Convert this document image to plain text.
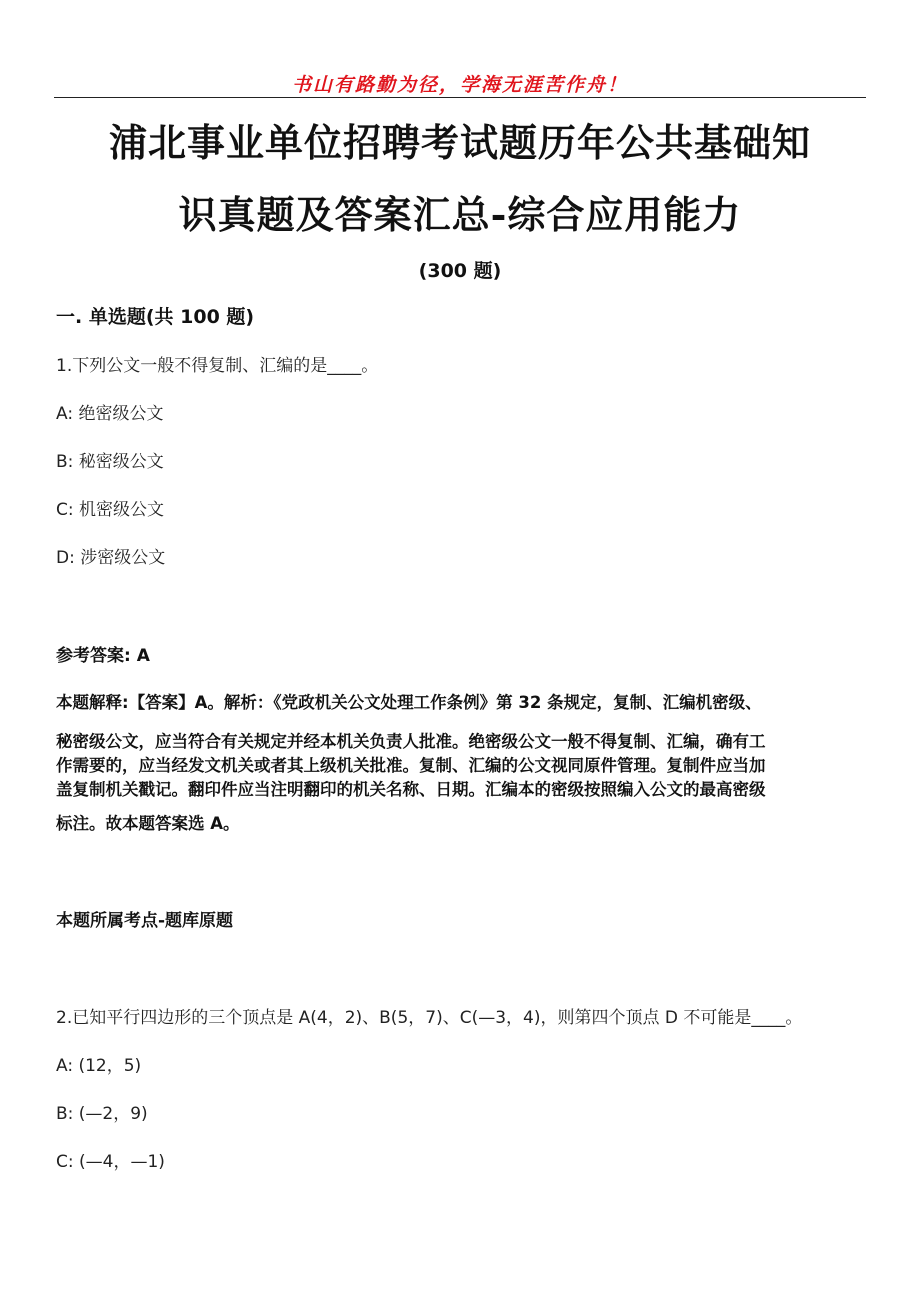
书山有路勤为径，学海无涯苦作舟！
浦北事业单位招聘考试题历年公共基础知
识真题及答案汇总-综合应用能力
(300 题)
一. 单选题(共 100 题)
1.下列公文一般不得复制、汇编的是____。
A: 绝密级公文
B: 秘密级公文
C: 机密级公文
D: 涉密级公文
参考答案: A
本题解释:【答案】A。解析：《党政机关公文处理工作条例》第 32 条规定，复制、汇编机密级、
秘密级公文，应当符合有关规定并经本机关负责人批准。绝密级公文一般不得复制、汇编，确有工
作需要的，应当经发文机关或者其上级机关批准。复制、汇编的公文视同原件管理。复制件应当加
盖复制机关戳记。翻印件应当注明翻印的机关名称、日期。汇编本的密级按照编入公文的最高密级
标注。故本题答案选 A。
本题所属考点-题库原题
2.已知平行四边形的三个顶点是 A(4，2)、B(5，7)、C(—3，4)，则第四个顶点 D 不可能是____。
A: (12，5)
B: (—2，9)
C: (—4，—1)
